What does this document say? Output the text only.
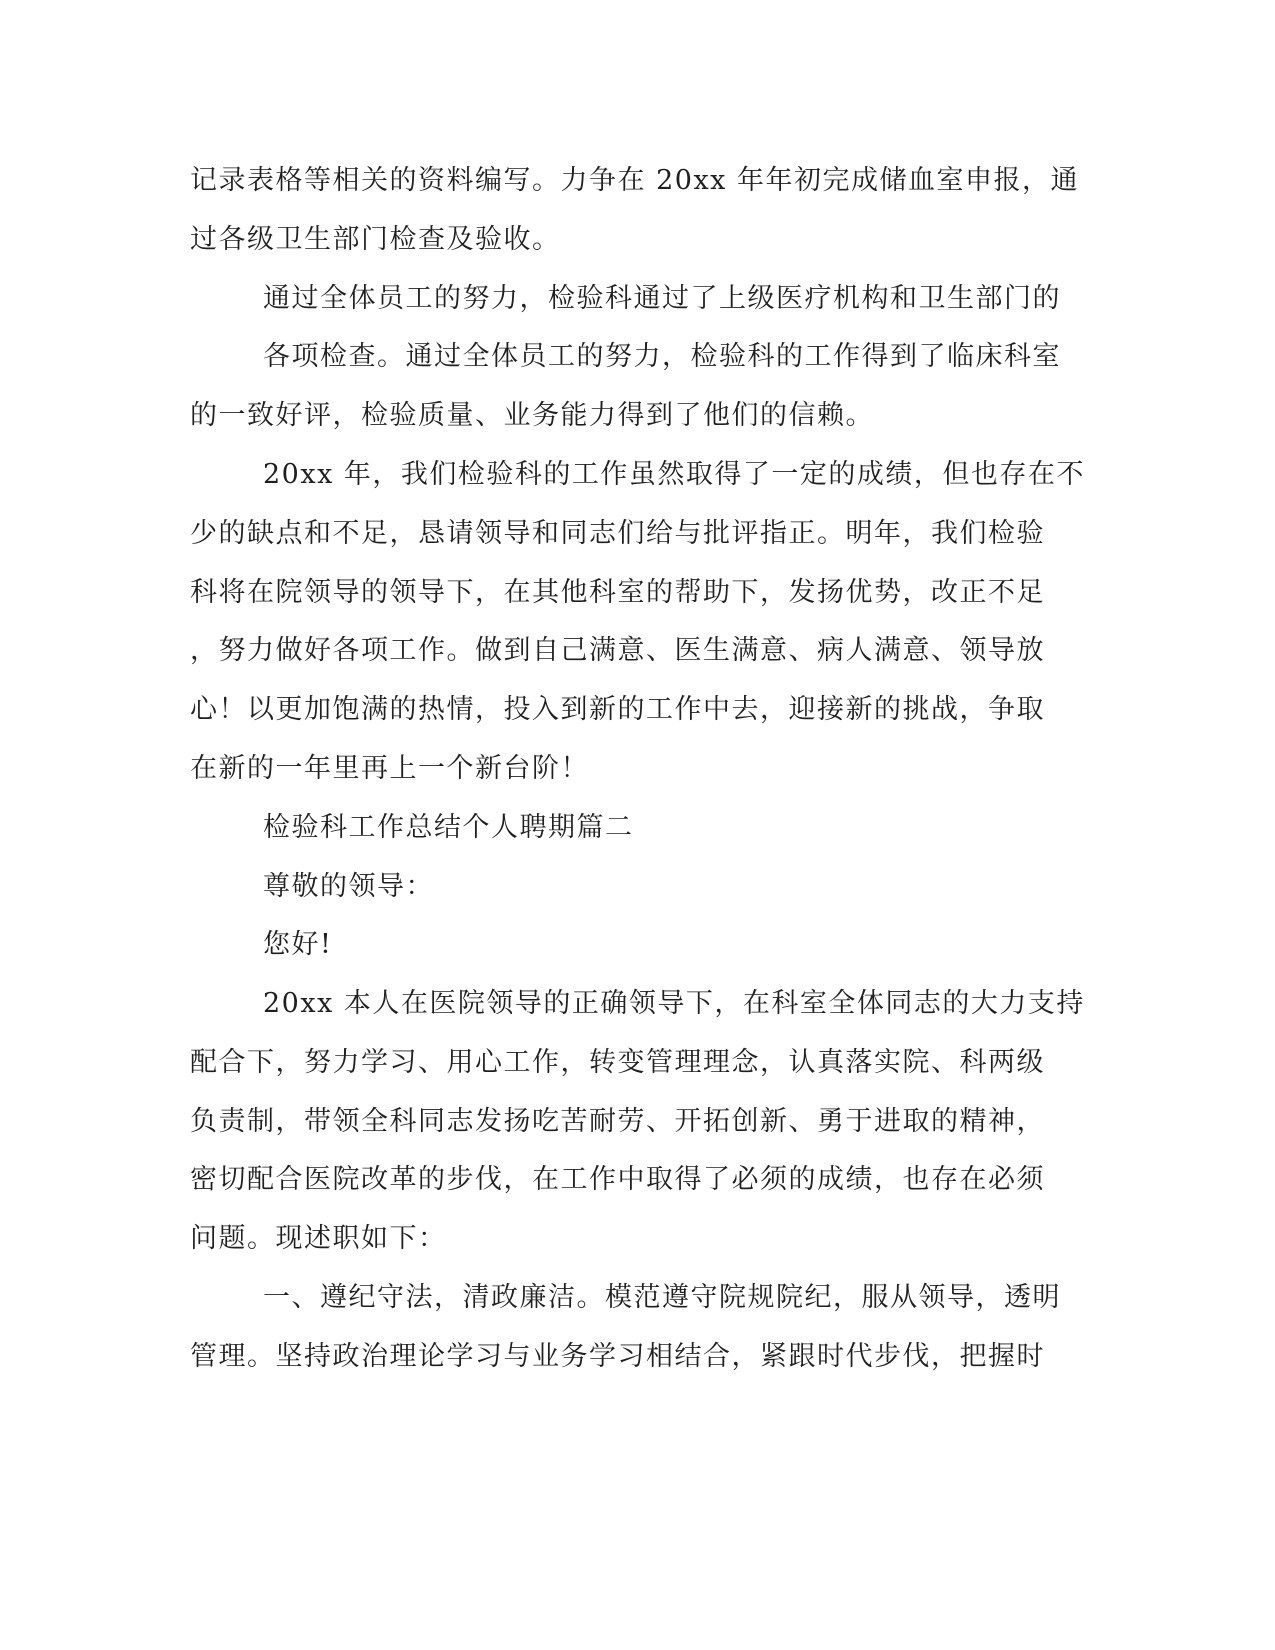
记录表格等相关的资料编写。力争在 20xx 年年初完成储血室申报，通
过各级卫生部门检查及验收。
通过全体员工的努力，检验科通过了上级医疗机构和卫生部门的
各项检查。通过全体员工的努力，检验科的工作得到了临床科室
的一致好评，检验质量、业务能力得到了他们的信赖。
20xx 年，我们检验科的工作虽然取得了一定的成绩，但也存在不
少的缺点和不足，恳请领导和同志们给与批评指正。明年，我们检验
科将在院领导的领导下，在其他科室的帮助下，发扬优势，改正不足
，努力做好各项工作。做到自己满意、医生满意、病人满意、领导放
心！以更加饱满的热情，投入到新的工作中去，迎接新的挑战，争取
在新的一年里再上一个新台阶！
检验科工作总结个人聘期篇二
尊敬的领导：
您好!
20xx 本人在医院领导的正确领导下，在科室全体同志的大力支持
配合下，努力学习、用心工作，转变管理理念，认真落实院、科两级
负责制，带领全科同志发扬吃苦耐劳、开拓创新、勇于进取的精神，
密切配合医院改革的步伐，在工作中取得了必须的成绩，也存在必须
问题。现述职如下：
一、遵纪守法，清政廉洁。模范遵守院规院纪，服从领导，透明
管理。坚持政治理论学习与业务学习相结合，紧跟时代步伐，把握时
